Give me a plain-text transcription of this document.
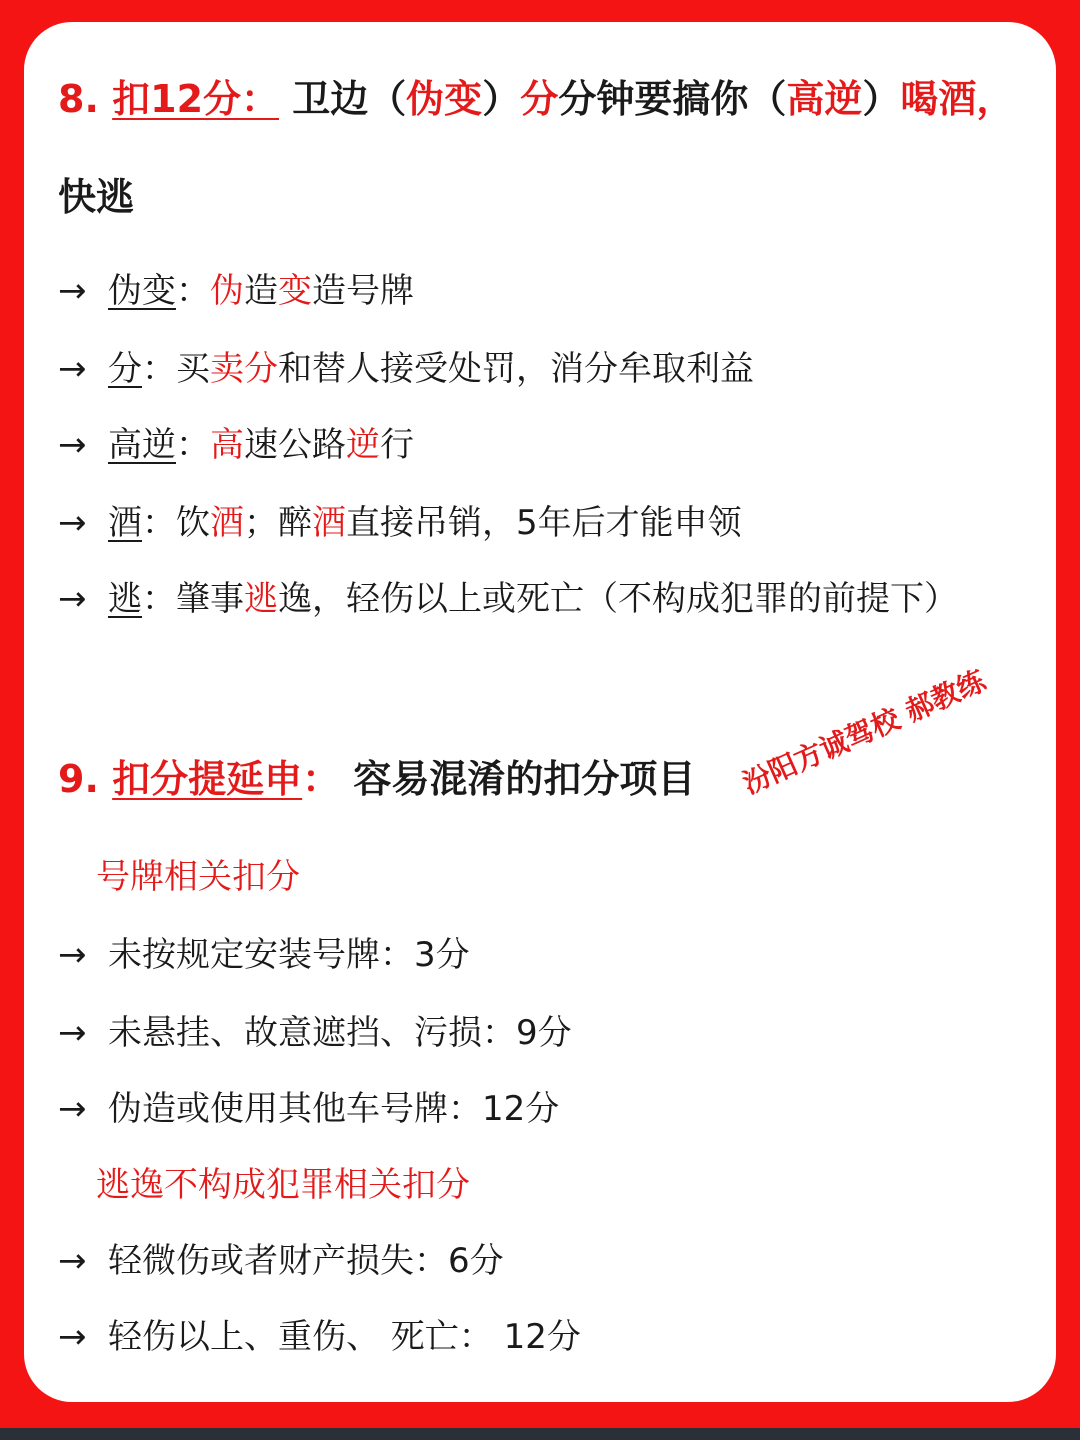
8. 扣12分： 卫边（伪变）分分钟要搞你（高逆）喝酒，
快逃
→ 伪变：伪造变造号牌
→ 分：买卖分和替人接受处罚，消分牟取利益
→ 高逆：高速公路逆行
→ 酒：饮酒；醉酒直接吊销，5年后才能申领
→ 逃：肇事逃逸，轻伤以上或死亡（不构成犯罪的前提下）
汾阳方诚驾校 郝教练
9. 扣分提延申： 容易混淆的扣分项目
号牌相关扣分
→ 未按规定安装号牌：3分
→ 未悬挂、故意遮挡、污损：9分
→ 伪造或使用其他车号牌：12分
逃逸不构成犯罪相关扣分
→ 轻微伤或者财产损失：6分
→ 轻伤以上、重伤、 死亡： 12分
